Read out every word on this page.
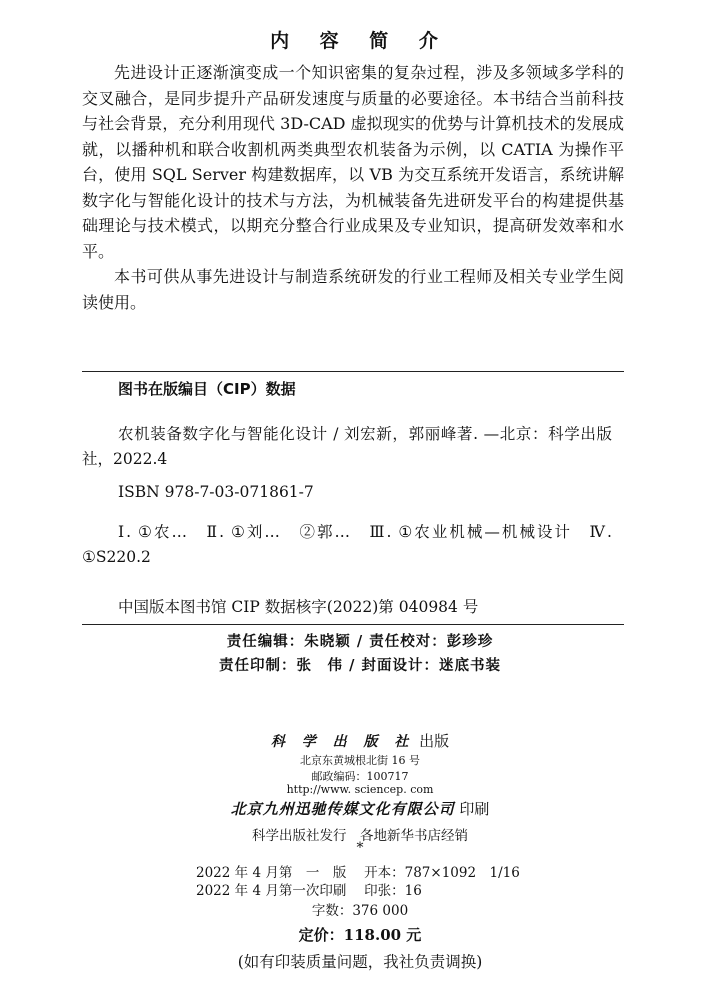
内 容 简 介

先进设计正逐渐演变成一个知识密集的复杂过程，涉及多领域多学科的交叉融合，是同步提升产品研发速度与质量的必要途径。本书结合当前科技与社会背景，充分利用现代 3D-CAD 虚拟现实的优势与计算机技术的发展成就，以播种机和联合收割机两类典型农机装备为示例，以 CATIA 为操作平台，使用 SQL Server 构建数据库，以 VB 为交互系统开发语言，系统讲解数字化与智能化设计的技术与方法，为机械装备先进研发平台的构建提供基础理论与技术模式，以期充分整合行业成果及专业知识，提高研发效率和水平。

本书可供从事先进设计与制造系统研发的行业工程师及相关专业学生阅读使用。

图书在版编目（CIP）数据

农机装备数字化与智能化设计 / 刘宏新，郭丽峰著. —北京：科学出版社，2022.4

ISBN 978-7-03-071861-7

Ⅰ. ①农…　Ⅱ. ①刘…　②郭…　Ⅲ. ①农业机械—机械设计　Ⅳ. ①S220.2

中国版本图书馆 CIP 数据核字(2022)第 040984 号

责任编辑：朱晓颖 / 责任校对：彭珍珍

责任印制：张　伟 / 封面设计：迷底书装

科 学 出 版 社 出版

北京东黄城根北街 16 号

邮政编码：100717

http://www. sciencep. com

北京九州迅驰传媒文化有限公司 印刷

科学出版社发行　各地新华书店经销

*

2022 年 4 月第　一　版　 开本：787×1092　1/16

2022 年 4 月第一次印刷　 印张：16

字数：376 000

定价：118.00 元

(如有印装质量问题，我社负责调换)
